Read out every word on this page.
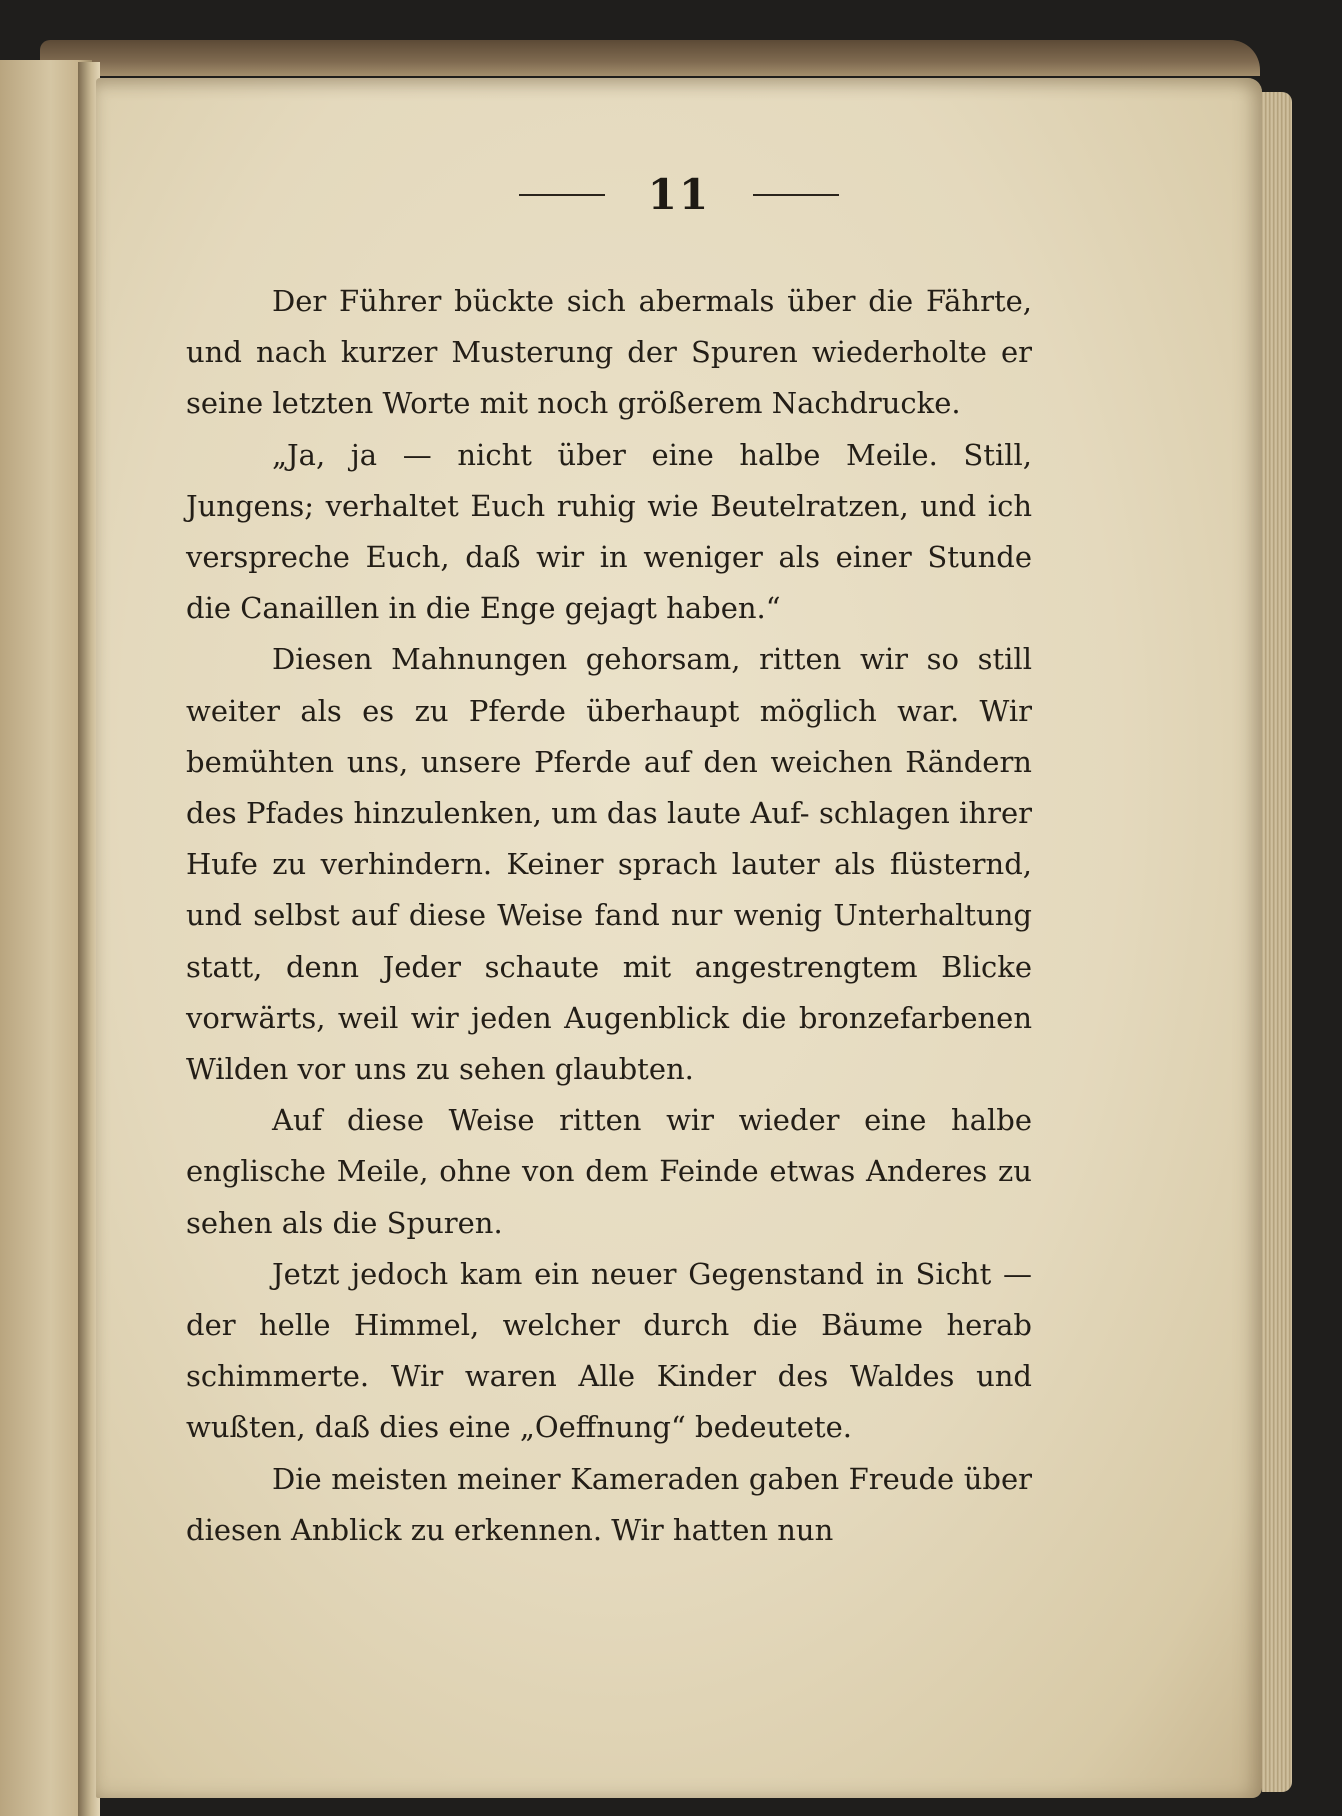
11

Der Führer bückte sich abermals über die Fährte, und nach kurzer Musterung der Spuren wiederholte er seine letzten Worte mit noch größerem Nachdrucke.

„Ja, ja — nicht über eine halbe Meile. Still, Jungens; verhaltet Euch ruhig wie Beutelratzen, und ich verspreche Euch, daß wir in weniger als einer Stunde die Canaillen in die Enge gejagt haben.“

Diesen Mahnungen gehorsam, ritten wir so still weiter als es zu Pferde überhaupt möglich war. Wir bemühten uns, unsere Pferde auf den weichen Rändern des Pfades hinzulenken, um das laute Auf- schlagen ihrer Hufe zu verhindern. Keiner sprach lauter als flüsternd, und selbst auf diese Weise fand nur wenig Unterhaltung statt, denn Jeder schaute mit angestrengtem Blicke vorwärts, weil wir jeden Augenblick die bronzefarbenen Wilden vor uns zu sehen glaubten.

Auf diese Weise ritten wir wieder eine halbe englische Meile, ohne von dem Feinde etwas Anderes zu sehen als die Spuren.

Jetzt jedoch kam ein neuer Gegenstand in Sicht — der helle Himmel, welcher durch die Bäume herab schimmerte. Wir waren Alle Kinder des Waldes und wußten, daß dies eine „Oeffnung“ bedeutete.

Die meisten meiner Kameraden gaben Freude über diesen Anblick zu erkennen. Wir hatten nun
